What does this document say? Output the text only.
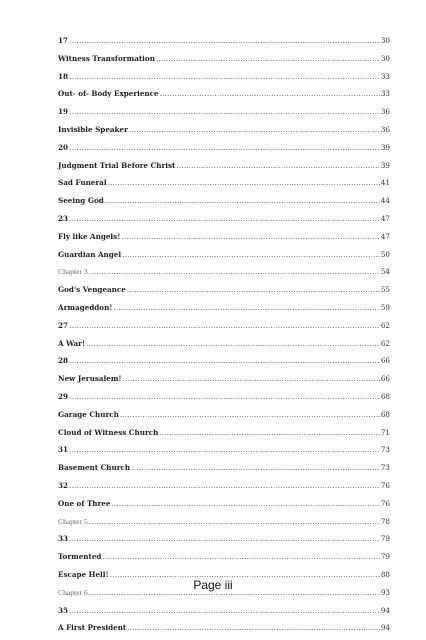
17 .....	30
Witness Transformation .....	30
18 .....	33
Out- of- Body Experience .....	33
19 .....	36
Invisible Speaker .....	36
20 .....	39
Judgment Trial Before Christ .....	39
Sad Funeral .....	41
Seeing God .....	44
23 .....	47
Fly like Angels! .....	47
Guardian Angel .....	50
Chapter 3 .....	54
God's Vengeance .....	55
Armageddon! .....	59
27 .....	62
A War! .....	62
28 .....	66
New Jerusalem! .....	66
29 .....	68
Garage Church .....	68
Cloud of Witness Church .....	71
31 .....	73
Basement Church .....	73
32 .....	76
One of Three .....	76
Chapter 5 .....	78
33 .....	79
Tormented .....	79
Escape Hell! .....	88
Chapter 6 .....	93
35 .....	94
A First President .....	94
Page iii
